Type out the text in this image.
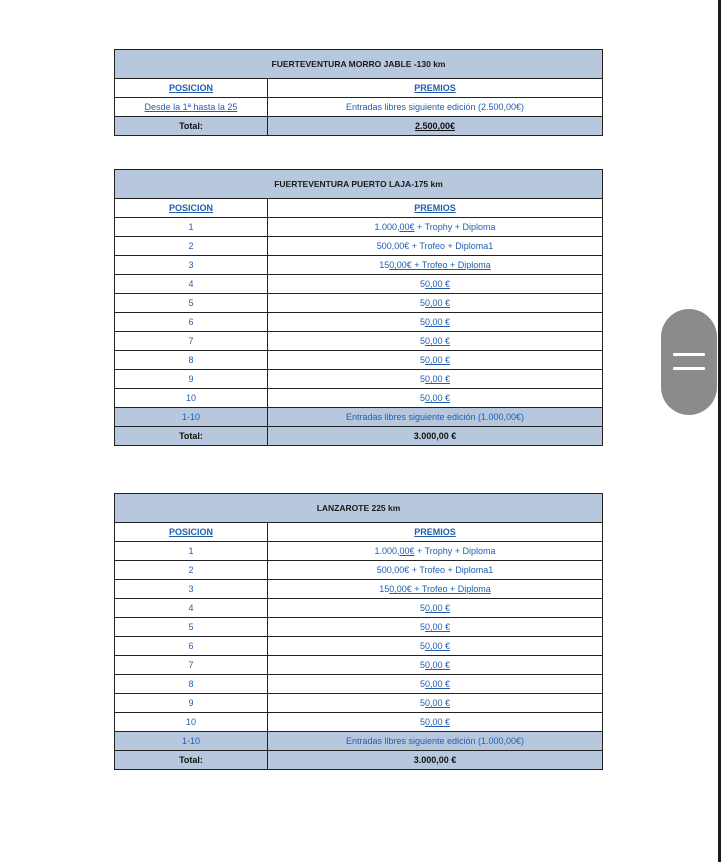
FUERTEVENTURA MORRO JABLE -130 km	
POSICION	PREMIOS
Desde la 1ª hasta la 25	Entradas libres siguiente edición (2.500,00€)
Total:	2.500,00€
FUERTEVENTURA PUERTO LAJA-175 km	
POSICION	PREMIOS
1	1.000,00€ + Trophy + Diploma
2	500,00€ + Trofeo + Diploma1
3	150,00€ + Trofeo + Diploma
4	50,00 €
5	50,00 €
6	50,00 €
7	50,00 €
8	50,00 €
9	50,00 €
10	50,00 €
1-10	Entradas libres siguiente edición (1.000,00€)
Total:	3.000,00 €
LANZAROTE 225 km	
POSICION	PREMIOS
1	1.000,00€ + Trophy + Diploma
2	500,00€ + Trofeo + Diploma1
3	150,00€ + Trofeo + Diploma
4	50,00 €
5	50,00 €
6	50,00 €
7	50,00 €
8	50,00 €
9	50,00 €
10	50,00 €
1-10	Entradas libres siguiente edición (1.000,00€)
Total:	3.000,00 €
